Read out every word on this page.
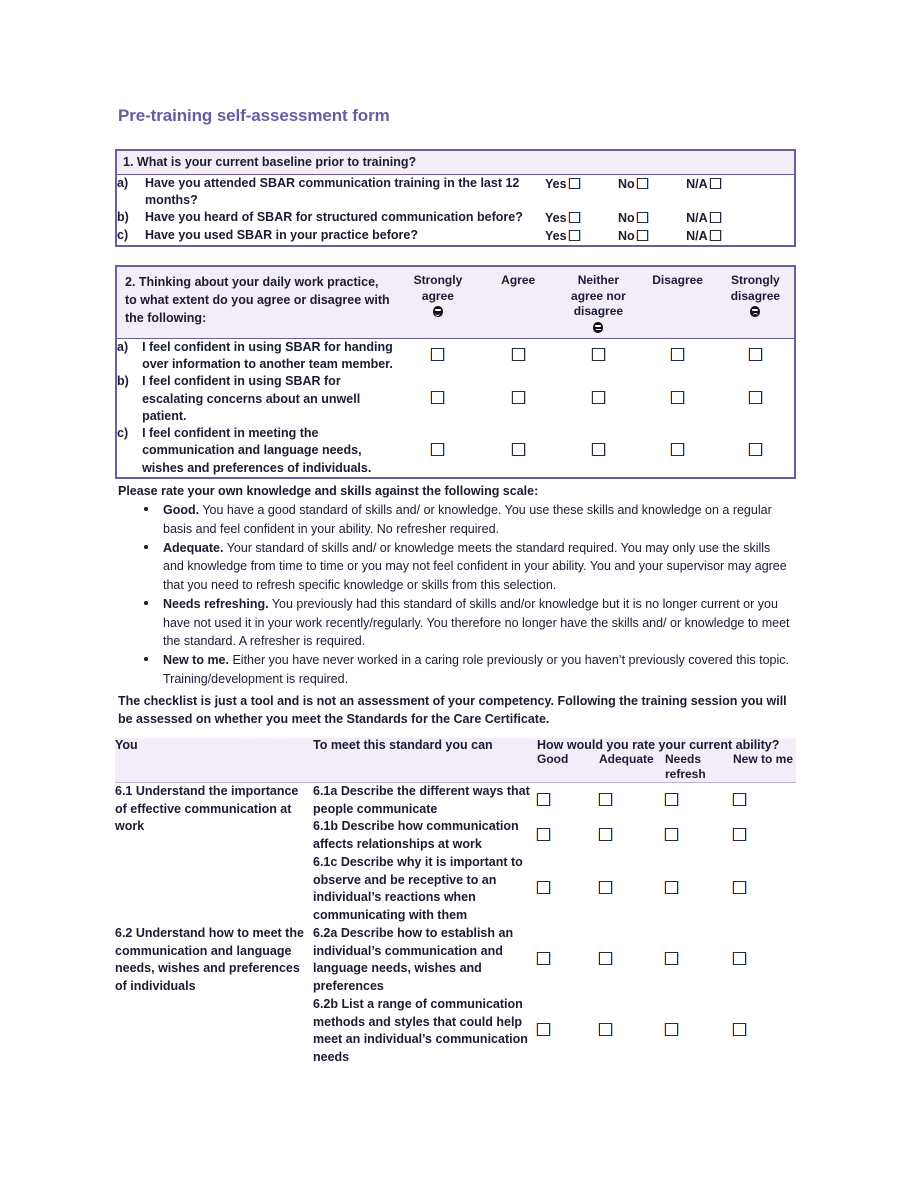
Pre-training self-assessment form
1. What is your current baseline prior to training?		
a)	Have you attended SBAR communication training in the last 12 months?	Yes No N/A
b)	Have you heard of SBAR for structured communication before?	Yes No N/A
c)	Have you used SBAR in your practice before?	Yes No N/A
2. Thinking about your daily work practice, to what extent do you agree or disagree with the following:		Strongly agree	Agree	Neither agree nor disagree	Disagree	Strongly disagree

a)	I feel confident in using SBAR for handing over information to another team member.					
b)	I feel confident in using SBAR for escalating concerns about an unwell patient.					
c)	I feel confident in meeting the communication and language needs, wishes and preferences of individuals.					
Please rate your own knowledge and skills against the following scale:
Good. You have a good standard of skills and/ or knowledge. You use these skills and knowledge on a regular basis and feel confident in your ability. No refresher required.
Adequate. Your standard of skills and/ or knowledge meets the standard required. You may only use the skills and knowledge from time to time or you may not feel confident in your ability. You and your supervisor may agree that you need to refresh specific knowledge or skills from this selection.
Needs refreshing. You previously had this standard of skills and/or knowledge but it is no longer current or you have not used it in your work recently/regularly. You therefore no longer have the skills and/ or knowledge to meet the standard. A refresher is required.
New to me. Either you have never worked in a caring role previously or you haven’t previously covered this topic. Training/development is required.
The checklist is just a tool and is not an assessment of your competency. Following the training session you will be assessed on whether you meet the Standards for the Care Certificate.
You	To meet this standard you can	How would you rate your current ability?			
		Good	Adequate	Needs refresh	New to me

6.1 Understand the importance of effective communication at work	6.1a Describe the different ways that people communicate				
	6.1b Describe how communication affects relationships at work				
	6.1c Describe why it is important to observe and be receptive to an individual’s reactions when communicating with them				
6.2 Understand how to meet the communication and language needs, wishes and preferences of individuals	6.2a Describe how to establish an individual’s communication and language needs, wishes and preferences				
	6.2b List a range of communication methods and styles that could help meet an individual’s communication needs				
